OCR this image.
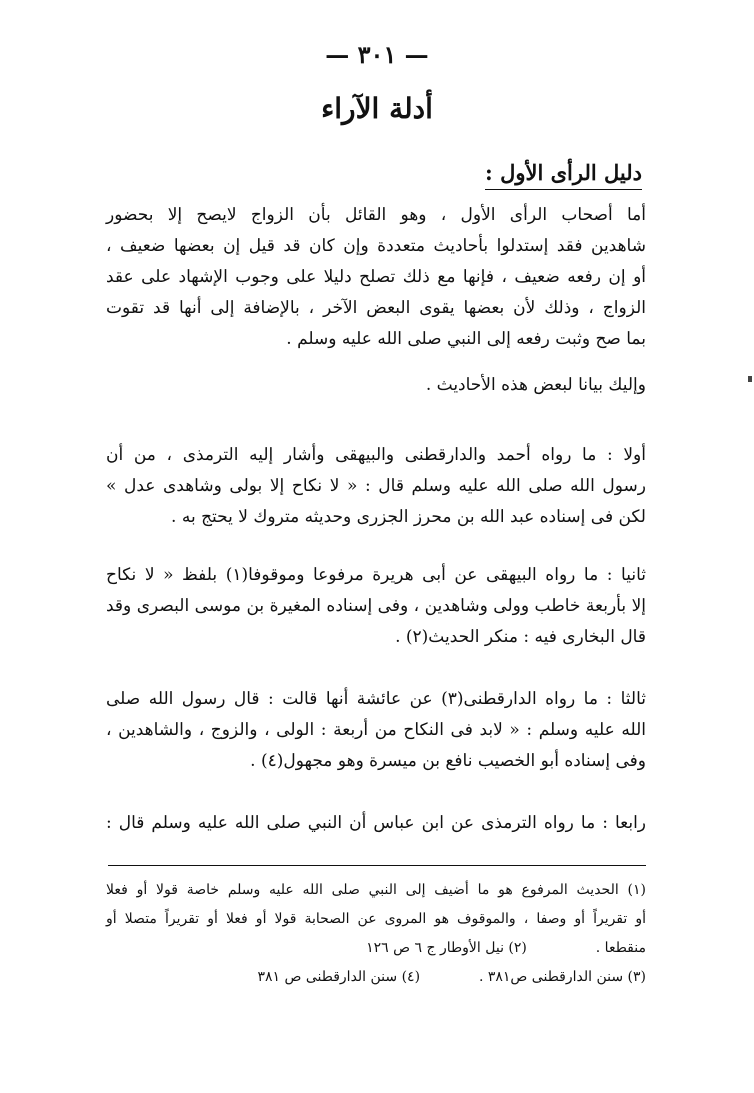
— ٣٠١ —
أدلة الآراء
دليل الرأى الأول :
أما أصحاب الرأى الأول ، وهو القائل بأن الزواج لايصح إلا بحضور
شاهدين فقد إستدلوا بأحاديث متعددة وإن كان قد قيل إن بعضها ضعيف ،
أو إن رفعه ضعيف ، فإنها مع ذلك تصلح دليلا على وجوب الإشهاد على عقد
الزواج ، وذلك لأن بعضها يقوى البعض الآخر ، بالإضافة إلى أنها قد تقوت
بما صح وثبت رفعه إلى النبي صلى الله عليه وسلم .
وإليك بيانا لبعض هذه الأحاديث .
أولا : ما رواه أحمد والدارقطنى والبيهقى وأشار إليه الترمذى ، من أن
رسول الله صلى الله عليه وسلم قال : « لا نكاح إلا بولى وشاهدى عدل »
لكن فى إسناده عبد الله بن محرز الجزرى وحديثه متروك لا يحتج به .
ثانيا : ما رواه البيهقى عن أبى هريرة مرفوعا وموقوفا(١) بلفظ « لا نكاح
إلا بأربعة خاطب وولى وشاهدين ، وفى إسناده المغيرة بن موسى البصرى وقد
قال البخارى فيه : منكر الحديث(٢) .
ثالثا : ما رواه الدارقطنى(٣) عن عائشة أنها قالت : قال رسول الله صلى
الله عليه وسلم : « لابد فى النكاح من أربعة : الولى ، والزوج ، والشاهدين ،
وفى إسناده أبو الخصيب نافع بن ميسرة وهو مجهول(٤) .
رابعا : ما رواه الترمذى عن ابن عباس أن النبي صلى الله عليه وسلم قال :
(١) الحديث المرفوع هو ما أضيف إلى النبي صلى الله عليه وسلم خاصة قولا أو فعلا
أو تقريراً أو وصفا ، والموقوف هو المروى عن الصحابة قولا أو فعلا أو تقريراً متصلا أو
منقطعا .  (٢) نيل الأوطار ج ٦ ص ١٢٦
(٣) سنن الدارقطنى ص٣٨١ .  (٤) سنن الدارقطنى ص ٣٨١
